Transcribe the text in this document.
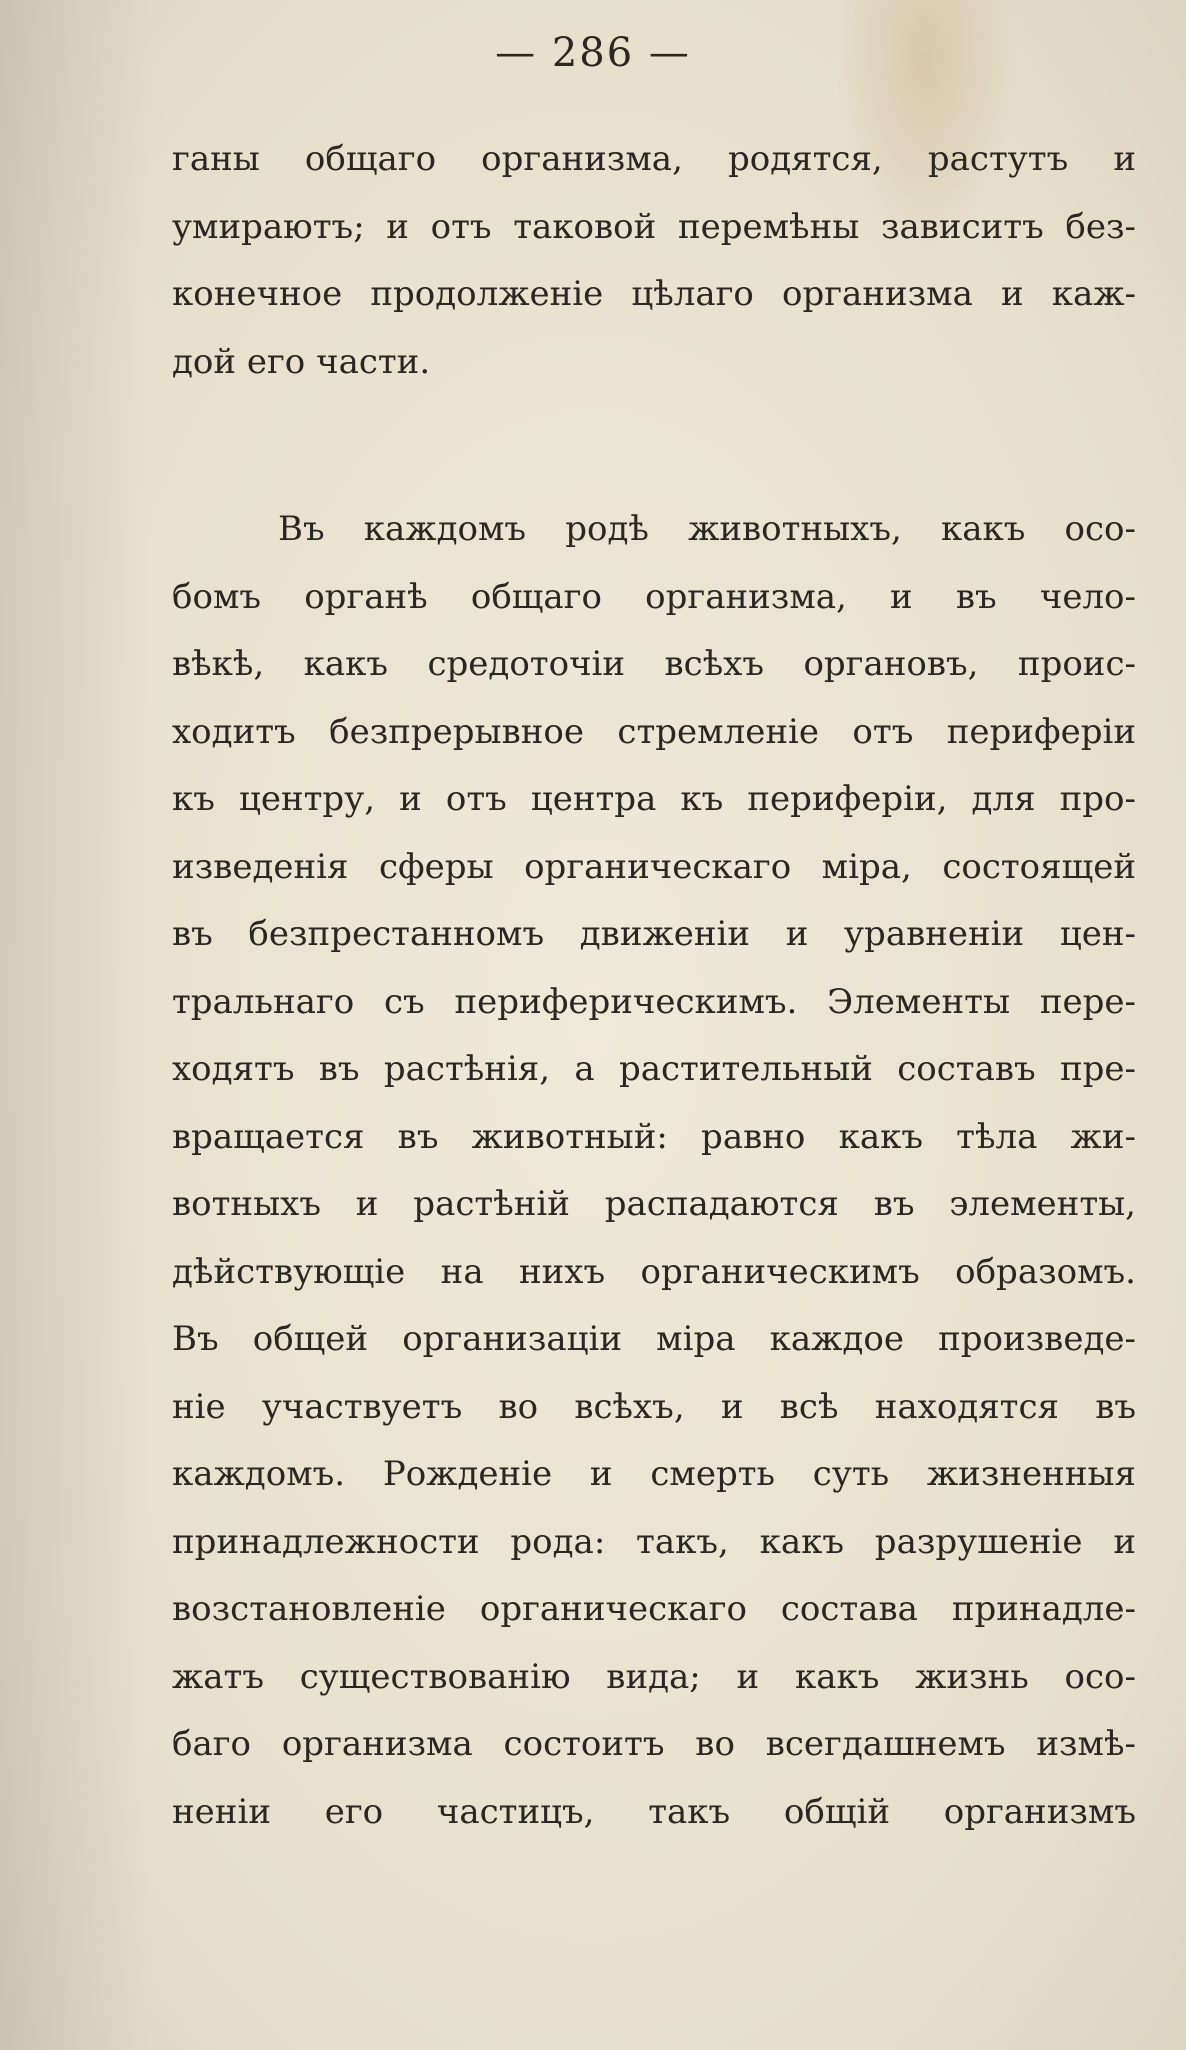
— 286 —
ганы общаго организма, родятся, растутъ и
умираютъ; и отъ таковой перемѣны зависитъ без-
конечное продолженіе цѣлаго организма и каж-
дой его части.
Въ каждомъ родѣ животныхъ, какъ осо-
бомъ органѣ общаго организма, и въ чело-
вѣкѣ, какъ средоточіи всѣхъ органовъ, проис-
ходитъ безпрерывное стремленіе отъ периферіи
къ центру, и отъ центра къ периферіи, для про-
изведенія сферы органическаго міра, состоящей
въ безпрестанномъ движеніи и уравненіи цен-
тральнаго съ периферическимъ. Элементы пере-
ходятъ въ растѣнія, а растительный составъ пре-
вращается въ животный: равно какъ тѣла жи-
вотныхъ и растѣній распадаются въ элементы,
дѣйствующіе на нихъ органическимъ образомъ.
Въ общей организаціи міра каждое произведе-
ніе участвуетъ во всѣхъ, и всѣ находятся въ
каждомъ. Рожденіе и смерть суть жизненныя
принадлежности рода: такъ, какъ разрушеніе и
возстановленіе органическаго состава принадле-
жатъ существованію вида; и какъ жизнь осо-
баго организма состоитъ во всегдашнемъ измѣ-
неніи его частицъ, такъ общій организмъ
